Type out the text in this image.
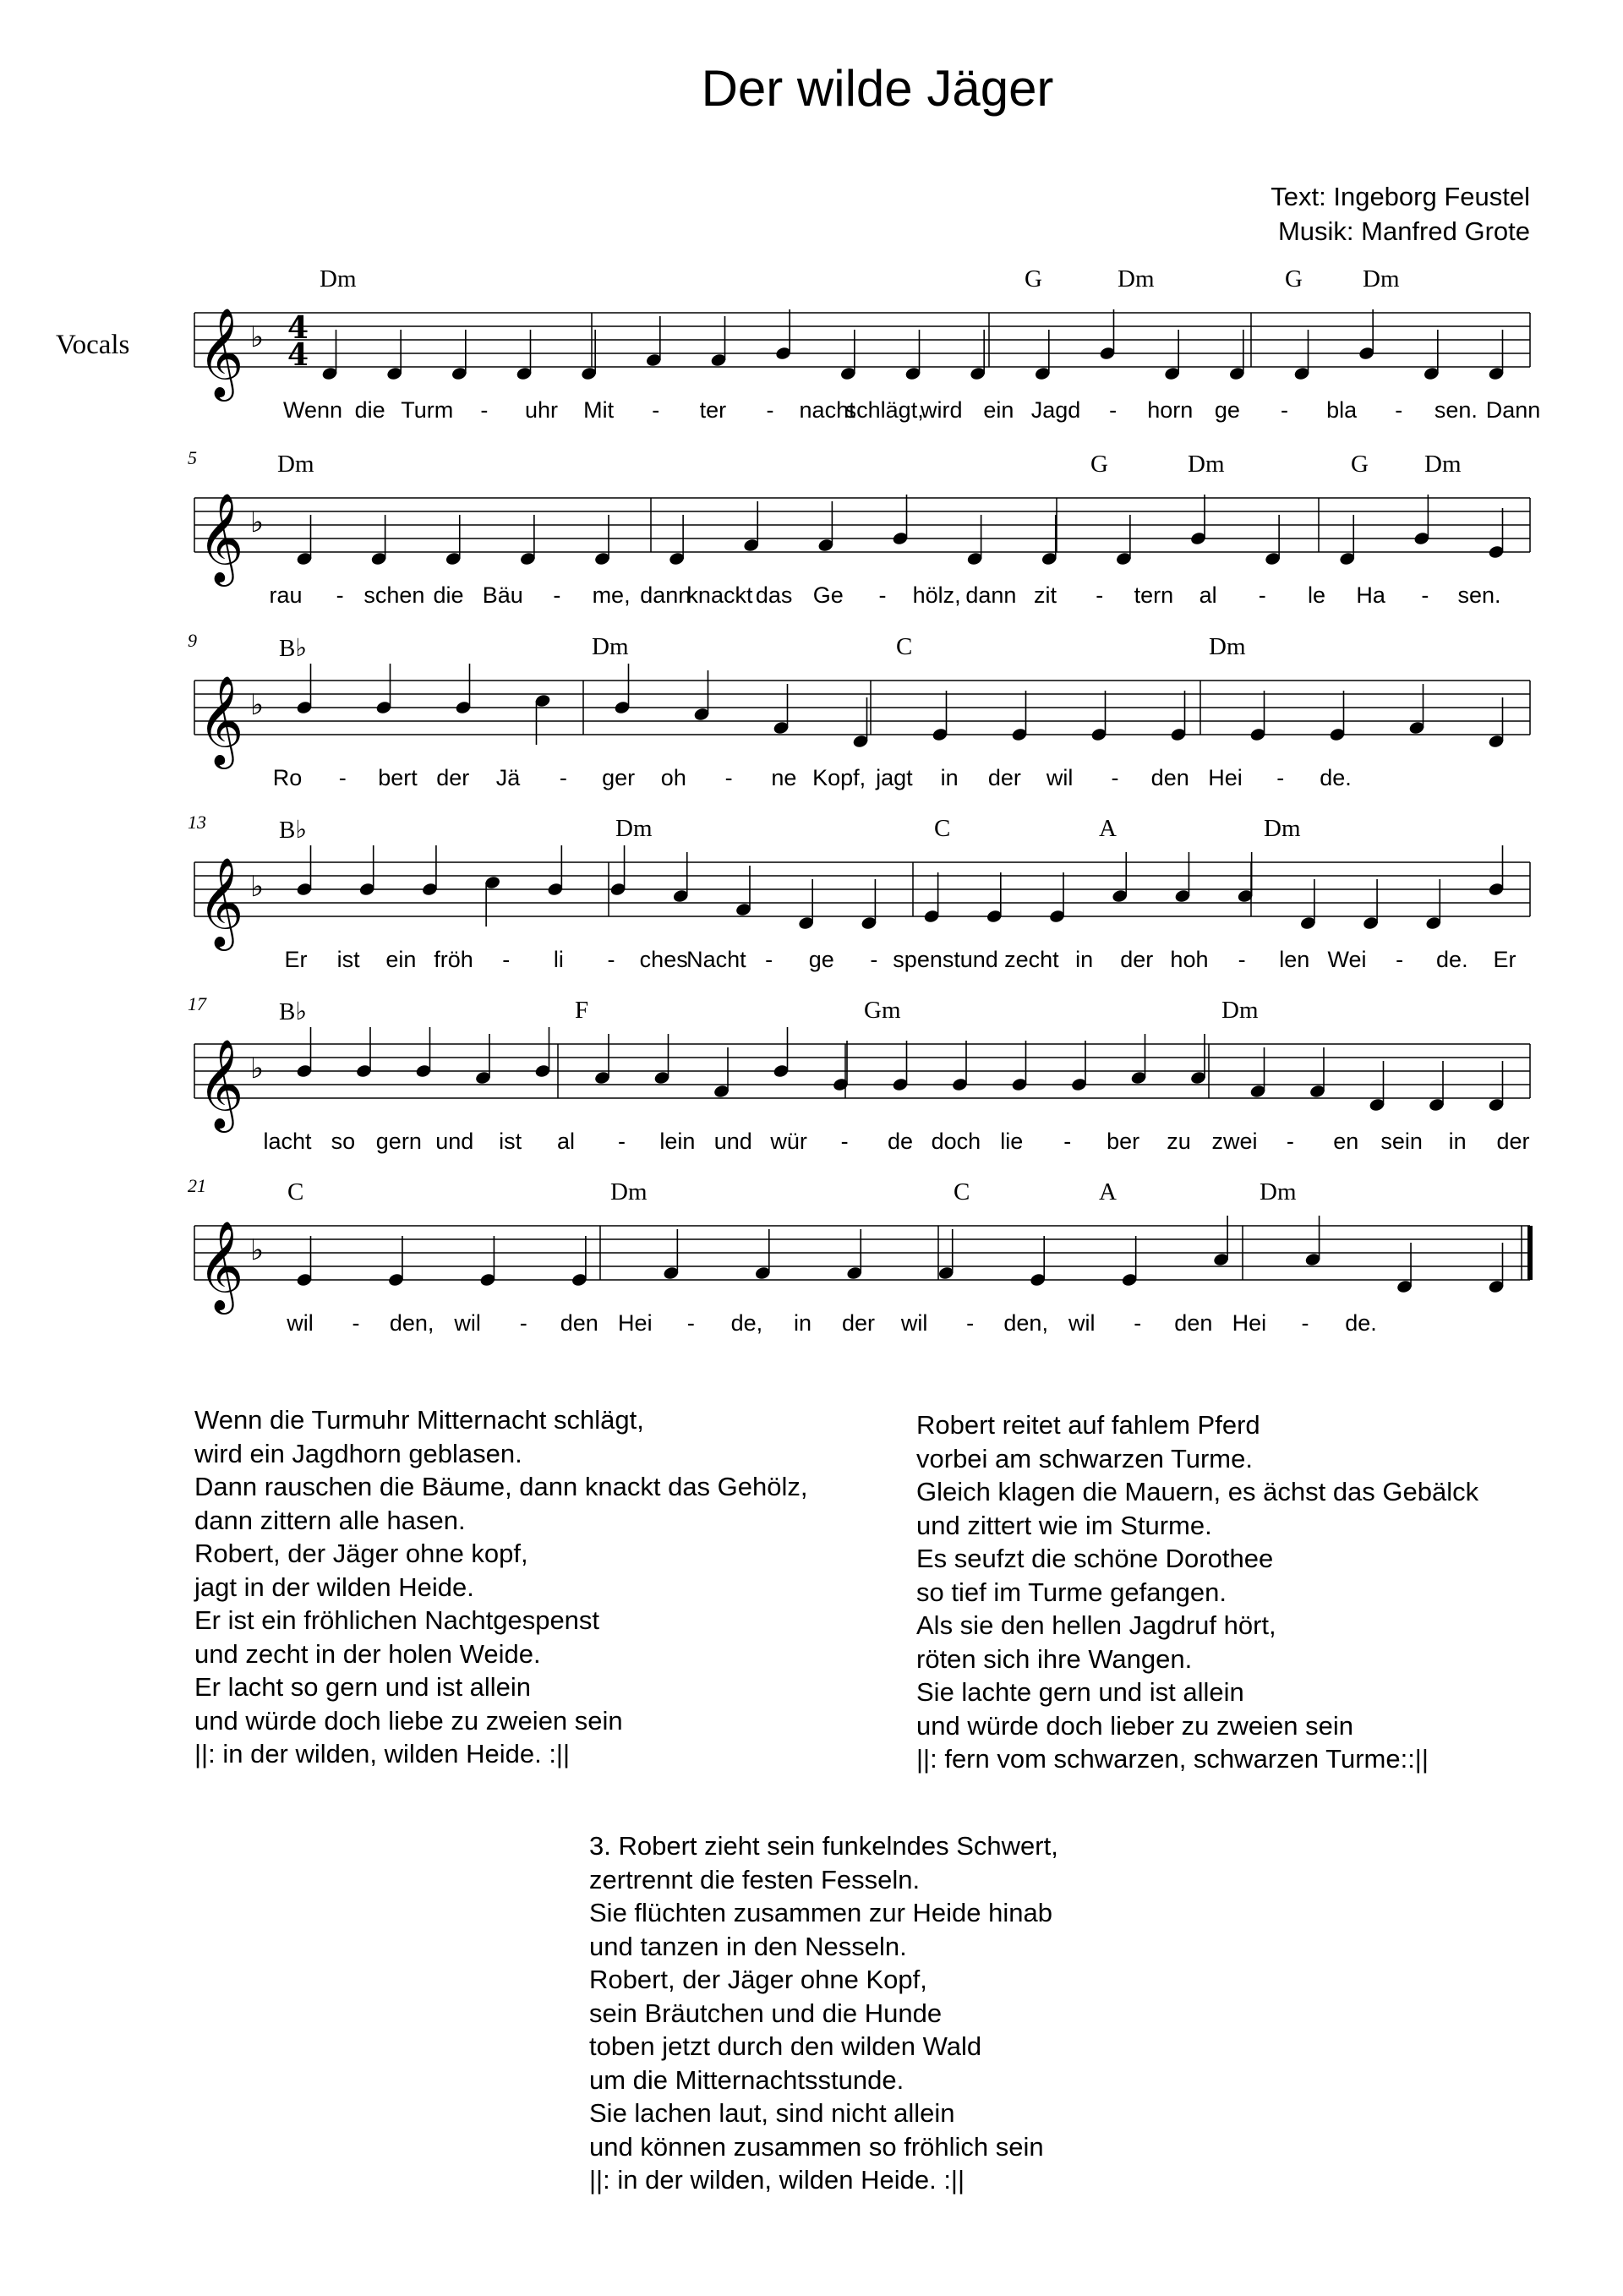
Der wilde Jäger
Text: Ingeborg Feustel
Musik: Manfred Grote
Vocals 𝄞 ♭ 4
4
Dm	G	Dm	G Dm
Wenn die Turm - uhr Mit - ter - nacht
schlägt,
wird ein Jagd - horn ge - bla - sen. Dann
𝄞 ♭
5	Dm	G	Dm	G Dm
rau - schen die Bäu - me, dann
knackt das Ge - hölz, dann zit - tern al - le Ha - sen.
𝄞 ♭
9	B♭	Dm	C	Dm
Ro - bert der Jä - ger oh - ne Kopf, jagt in der wil - den Hei - de.
𝄞 ♭
13	B♭	Dm	C	A	Dm
Er ist ein fröh - li - ches
Nacht - ge - spenst und zecht in der hoh - len Wei - de. Er
𝄞 ♭
17	B♭	F	Gm	Dm
lacht so gern und ist al - lein und wür - de doch lie - ber zu zwei - en sein in der
𝄞 ♭
21	C	Dm	C	A	Dm
wil - den, wil - den Hei - de, in der wil - den, wil - den Hei - de.
Wenn die Turmuhr Mitternacht schlägt,
wird ein Jagdhorn geblasen.
Dann rauschen die Bäume, dann knackt das Gehölz,
dann zittern alle hasen.
Robert, der Jäger ohne kopf,
jagt in der wilden Heide.
Er ist ein fröhlichen Nachtgespenst
und zecht in der holen Weide.
Er lacht so gern und ist allein
und würde doch liebe zu zweien sein
||: in der wilden, wilden Heide. :||
Robert reitet auf fahlem Pferd
vorbei am schwarzen Turme.
Gleich klagen die Mauern, es ächst das Gebälck
und zittert wie im Sturme.
Es seufzt die schöne Dorothee
so tief im Turme gefangen.
Als sie den hellen Jagdruf hört,
röten sich ihre Wangen.
Sie lachte gern und ist allein
und würde doch lieber zu zweien sein
||: fern vom schwarzen, schwarzen Turme::||
3. Robert zieht sein funkelndes Schwert,
zertrennt die festen Fesseln.
Sie flüchten zusammen zur Heide hinab
und tanzen in den Nesseln.
Robert, der Jäger ohne Kopf,
sein Bräutchen und die Hunde
toben jetzt durch den wilden Wald
um die Mitternachtsstunde.
Sie lachen laut, sind nicht allein
und können zusammen so fröhlich sein
||: in der wilden, wilden Heide. :||
